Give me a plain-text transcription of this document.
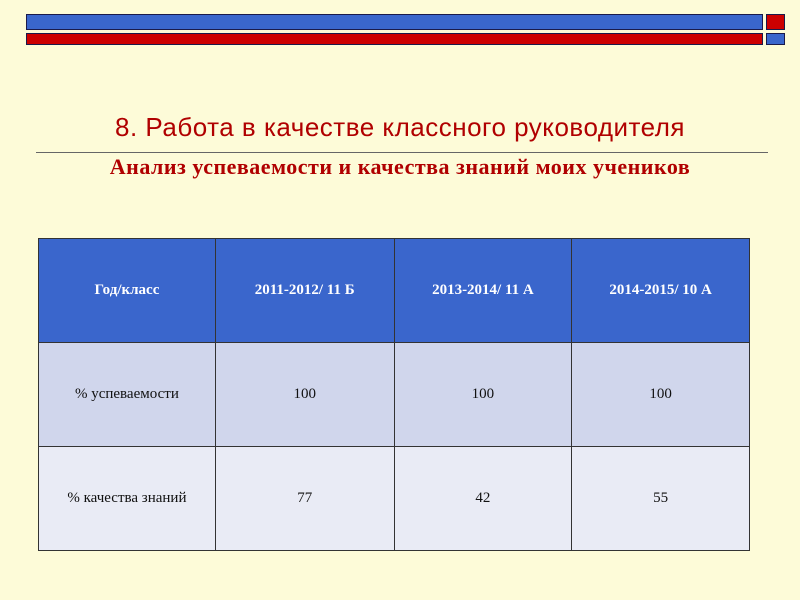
8. Работа в качестве классного руководителя
Анализ успеваемости и качества знаний моих учеников
Год/класс	2011-2012/ 11 Б	2013-2014/ 11 А	2014-2015/ 10 А
% успеваемости	100	100	100
% качества знаний	77	42	55
